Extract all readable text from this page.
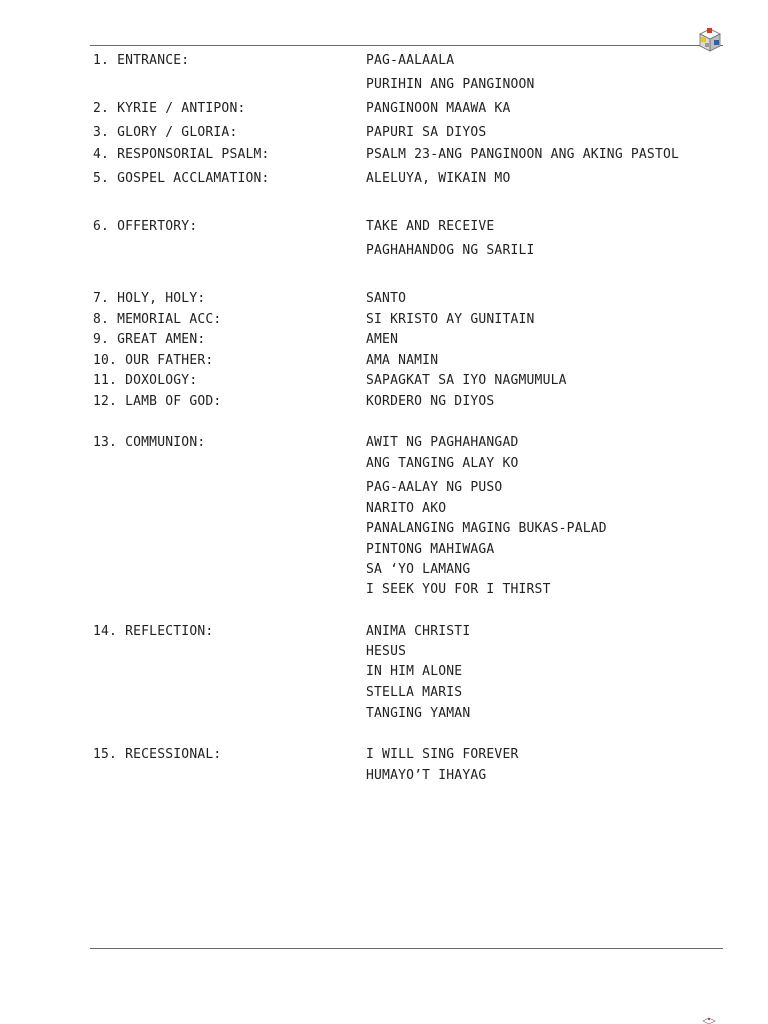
1. ENTRANCE:	PAG-AALAALA
PURIHIN ANG PANGINOON
2. KYRIE / ANTIPON:	PANGINOON MAAWA KA
3. GLORY / GLORIA:	PAPURI SA DIYOS
4. RESPONSORIAL PSALM:	PSALM 23-ANG PANGINOON ANG AKING PASTOL
5. GOSPEL ACCLAMATION:	ALELUYA, WIKAIN MO
6. OFFERTORY:	TAKE AND RECEIVE
PAGHAHANDOG NG SARILI
7. HOLY, HOLY:	SANTO
8. MEMORIAL ACC:	SI KRISTO AY GUNITAIN
9. GREAT AMEN:	AMEN
10. OUR FATHER:	AMA NAMIN
11. DOXOLOGY:	SAPAGKAT SA IYO NAGMUMULA
12. LAMB OF GOD:	KORDERO NG DIYOS
13. COMMUNION:	AWIT NG PAGHAHANGAD
ANG TANGING ALAY KO
PAG-AALAY NG PUSO
NARITO AKO
PANALANGING MAGING BUKAS-PALAD
PINTONG MAHIWAGA
SA ‘YO LAMANG
I SEEK YOU FOR I THIRST
14. REFLECTION:	ANIMA CHRISTI
HESUS
IN HIM ALONE
STELLA MARIS
TANGING YAMAN
15. RECESSIONAL:	I WILL SING FOREVER
HUMAYO’T IHAYAG
